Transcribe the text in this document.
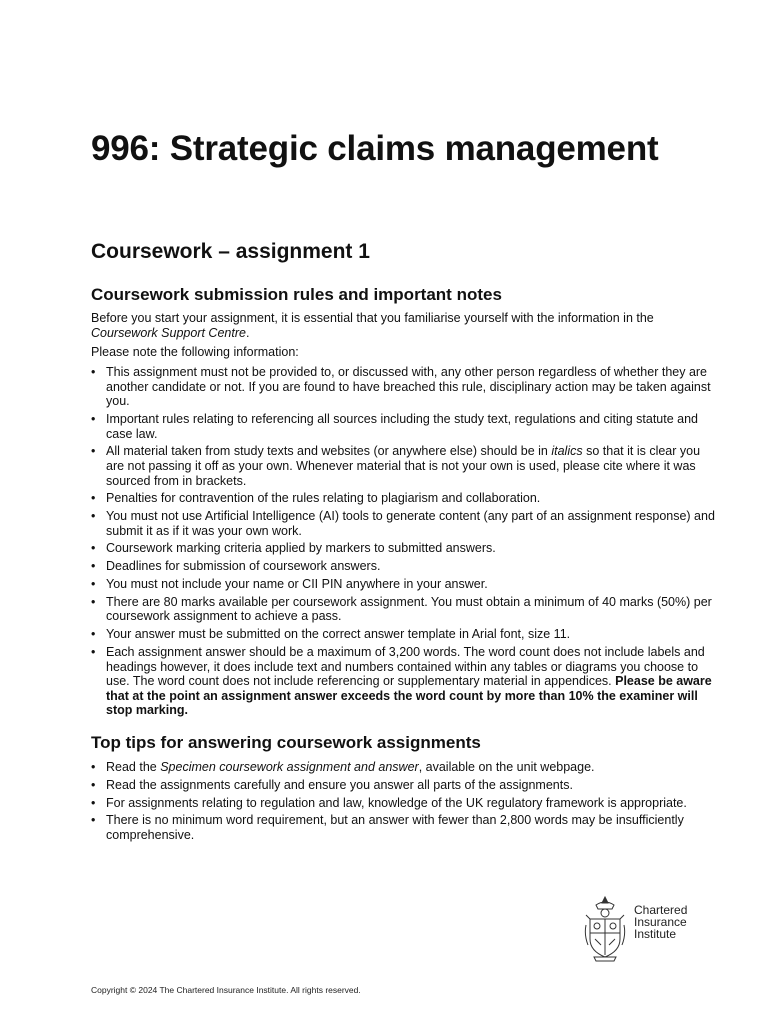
996: Strategic claims management
Coursework – assignment 1
Coursework submission rules and important notes

Before you start your assignment, it is essential that you familiarise yourself with the information in the Coursework Support Centre.

Please note the following information:

• This assignment must not be provided to, or discussed with, any other person regardless of whether they are another candidate or not. If you are found to have breached this rule, disciplinary action may be taken against you.
• Important rules relating to referencing all sources including the study text, regulations and citing statute and case law.
• All material taken from study texts and websites (or anywhere else) should be in italics so that it is clear you are not passing it off as your own. Whenever material that is not your own is used, please cite where it was sourced from in brackets.
• Penalties for contravention of the rules relating to plagiarism and collaboration.
• You must not use Artificial Intelligence (AI) tools to generate content (any part of an assignment response) and submit it as if it was your own work.
• Coursework marking criteria applied by markers to submitted answers.
• Deadlines for submission of coursework answers.
• You must not include your name or CII PIN anywhere in your answer.
• There are 80 marks available per coursework assignment. You must obtain a minimum of 40 marks (50%) per coursework assignment to achieve a pass.
• Your answer must be submitted on the correct answer template in Arial font, size 11.
• Each assignment answer should be a maximum of 3,200 words. The word count does not include labels and headings however, it does include text and numbers contained within any tables or diagrams you choose to use. The word count does not include referencing or supplementary material in appendices. Please be aware that at the point an assignment answer exceeds the word count by more than 10% the examiner will stop marking.
Top tips for answering coursework assignments
• Read the Specimen coursework assignment and answer, available on the unit webpage.
• Read the assignments carefully and ensure you answer all parts of the assignments.
• For assignments relating to regulation and law, knowledge of the UK regulatory framework is appropriate.
• There is no minimum word requirement, but an answer with fewer than 2,800 words may be insufficiently comprehensive.
Chartered
Insurance
Institute
Copyright © 2024 The Chartered Insurance Institute. All rights reserved.
